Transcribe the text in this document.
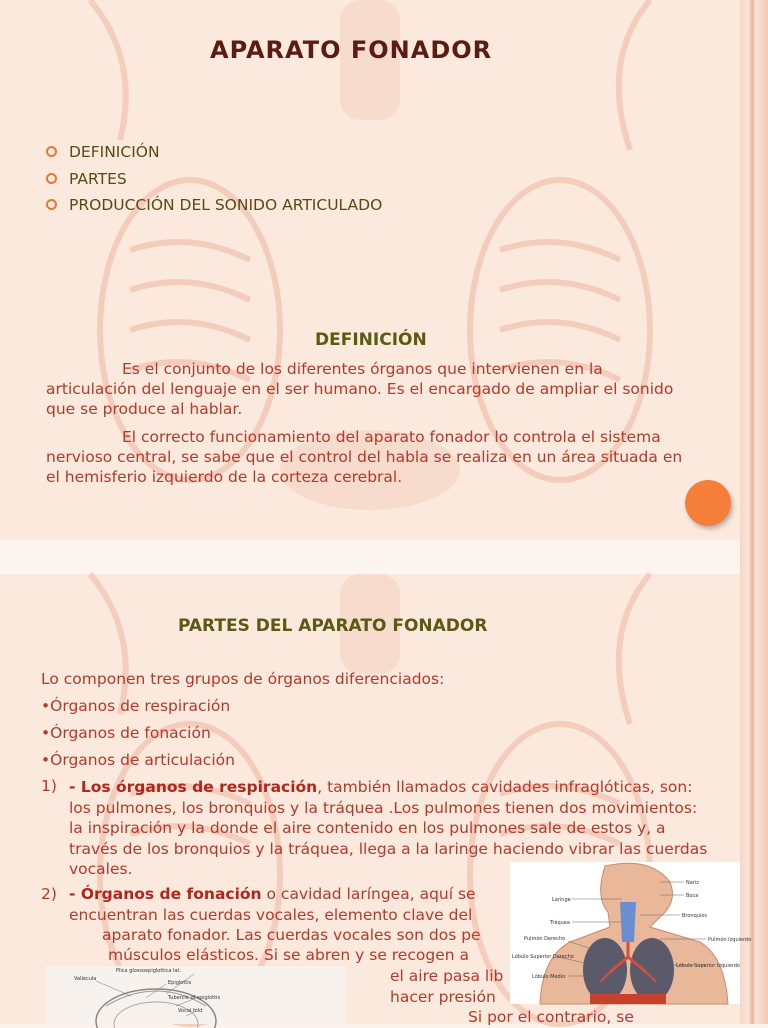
APARATO FONADOR
DEFINICIÓN
PARTES
PRODUCCIÓN DEL SONIDO ARTICULADO
DEFINICIÓN

Es el conjunto de los diferentes órganos que intervienen en la articulación del lenguaje en el ser humano. Es el encargado de ampliar el sonido que se produce al hablar.

El correcto funcionamiento del aparato fonador lo controla el sistema nervioso central, se sabe que el control del habla se realiza en un área situada en el hemisferio izquierdo de la corteza cerebral.

PARTES DEL APARATO FONADOR
Lo componen tres grupos de órganos diferenciados:
•Órganos de respiración
•Órganos de fonación
•Órganos de articulación
1) - Los órganos de respiración, también llamados cavidades infraglóticas, son: los pulmones, los bronquios y la tráquea .Los pulmones tienen dos movimientos: la inspiración y la donde el aire contenido en los pulmones sale de estos y, a través de los bronquios y la tráquea, llega a la laringe haciendo vibrar las cuerdas vocales.
2) - Órganos de fonación o cavidad laríngea, aquí se
encuentran las cuerdas vocales, elemento clave del
aparato fonador. Las cuerdas vocales son dos pe
músculos elásticos. Si se abren y se recogen a
el aire pasa lib
hacer presión
Si por el contrario, se
Nariz
Boca
Laringe
Tráquea
Bronquios
Pulmón Derecho	Pulmón Izquierdo
Lóbulo Superior Derecho
Lóbulo Superior Izquierdo
Lóbulo Medio
Vallecula
Epiglottis
Plica glossoepiglottica lat.
Tubercle of epiglottis
Vocal fold
